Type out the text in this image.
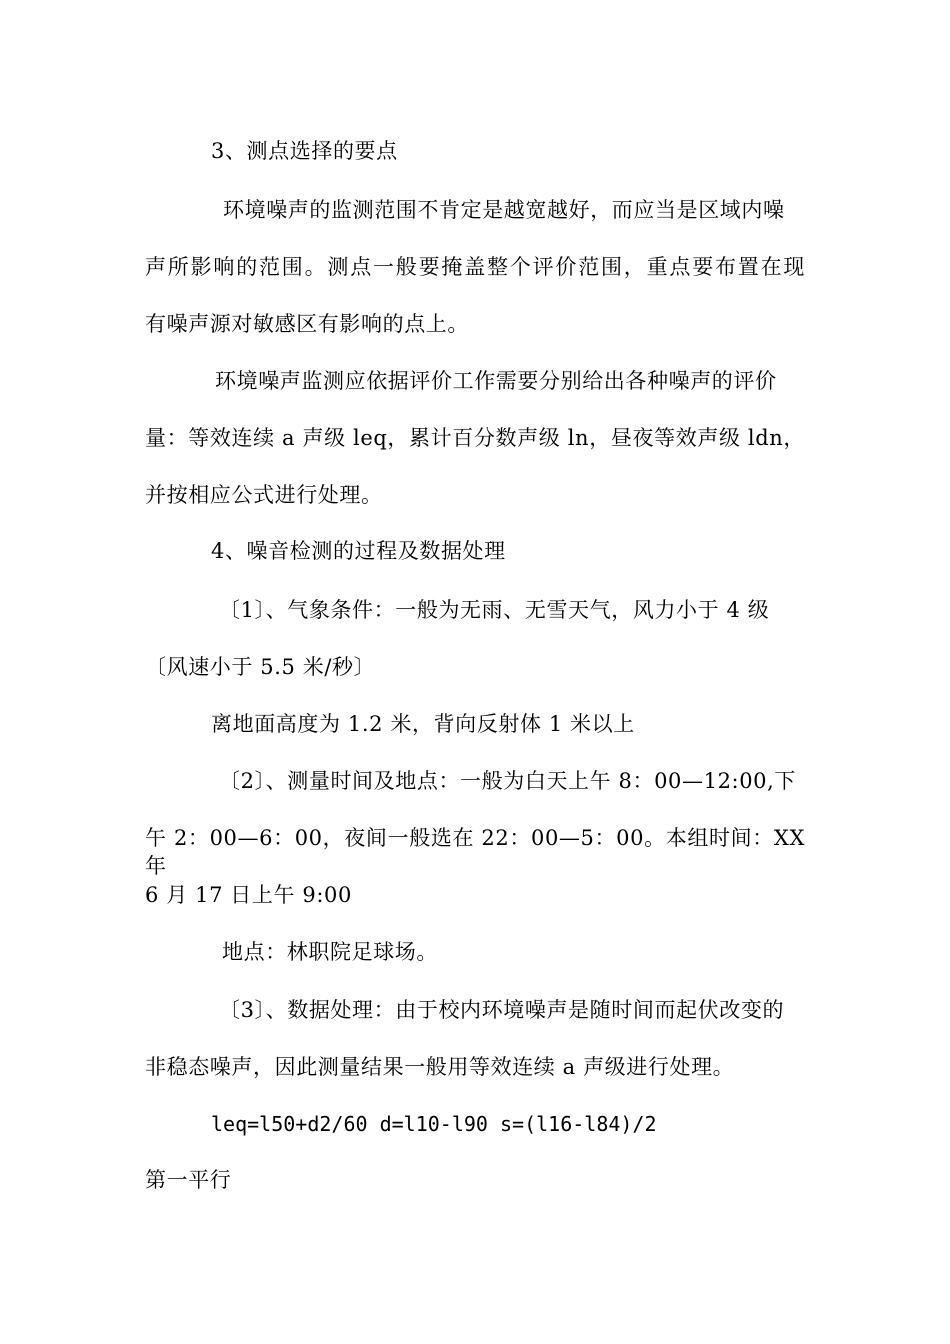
3、测点选择的要点
环境噪声的监测范围不肯定是越宽越好，而应当是区域内噪
声所影响的范围。测点一般要掩盖整个评价范围，重点要布置在现
有噪声源对敏感区有影响的点上。
环境噪声监测应依据评价工作需要分别给出各种噪声的评价
量：等效连续 a 声级 leq，累计百分数声级 ln，昼夜等效声级 ldn，
并按相应公式进行处理。
4、噪音检测的过程及数据处理
〔1〕、气象条件：一般为无雨、无雪天气，风力小于 4 级
〔风速小于 5.5 米/秒〕
离地面高度为 1.2 米，背向反射体 1 米以上
〔2〕、测量时间及地点：一般为白天上午 8：00—12:00,下
午 2：00—6：00，夜间一般选在 22：00—5：00。本组时间：XX 年
6 月 17 日上午 9:00
地点：林职院足球场。
〔3〕、数据处理：由于校内环境噪声是随时间而起伏改变的
非稳态噪声，因此测量结果一般用等效连续 a 声级进行处理。
leq=l50+d2/60 d=l10-l90 s=(l16-l84)/2
第一平行
